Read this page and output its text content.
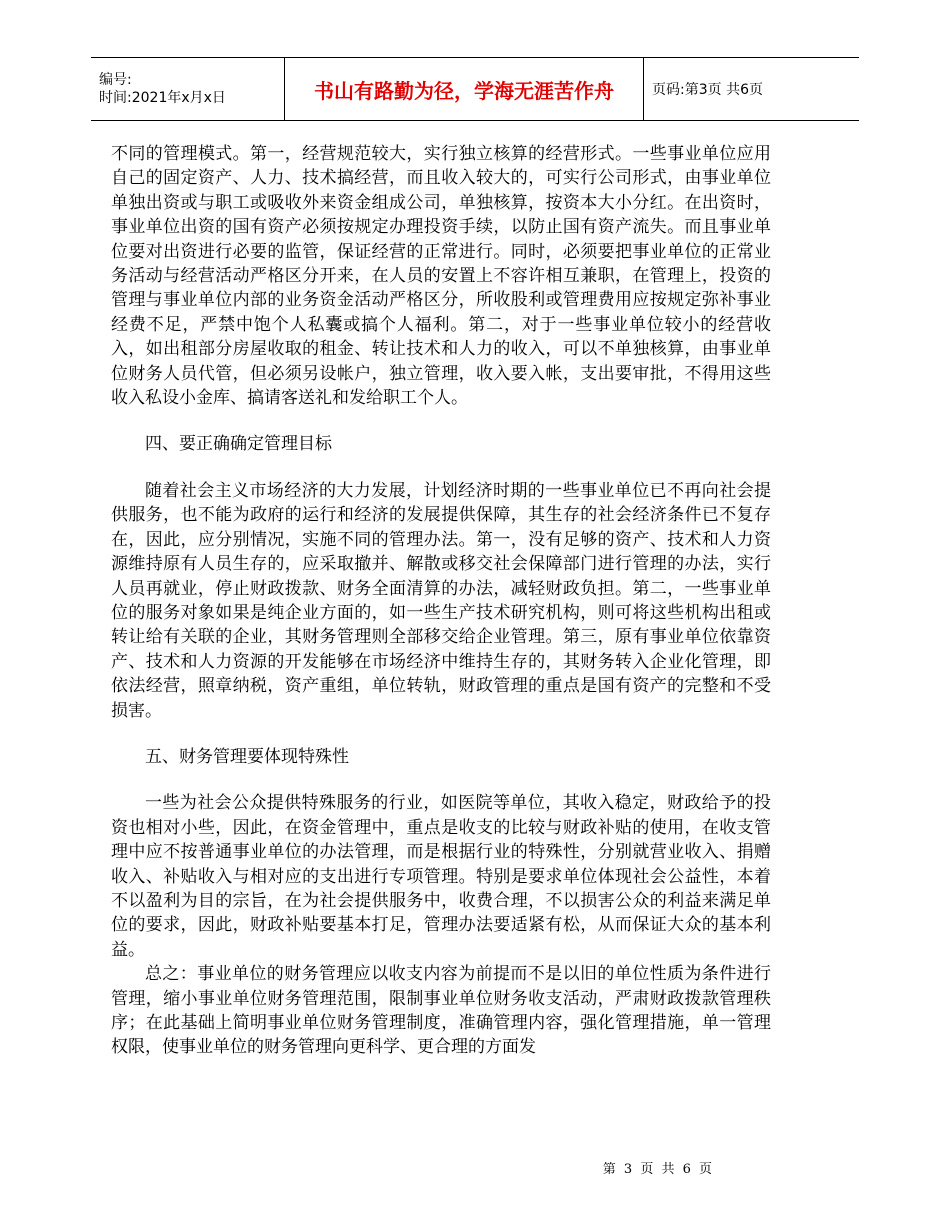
编号:
时间:2021年x月x日	书山有路勤为径，学海无涯苦作舟	页码:第3页 共6页

不同的管理模式。第一，经营规范较大，实行独立核算的经营形式。一些事业单位应用自己的固定资产、人力、技术搞经营，而且收入较大的，可实行公司形式，由事业单位单独出资或与职工或吸收外来资金组成公司，单独核算，按资本大小分红。在出资时，事业单位出资的国有资产必须按规定办理投资手续，以防止国有资产流失。而且事业单位要对出资进行必要的监管，保证经营的正常进行。同时，必须要把事业单位的正常业务活动与经营活动严格区分开来，在人员的安置上不容许相互兼职，在管理上，投资的管理与事业单位内部的业务资金活动严格区分，所收股利或管理费用应按规定弥补事业经费不足，严禁中饱个人私囊或搞个人福利。第二，对于一些事业单位较小的经营收入，如出租部分房屋收取的租金、转让技术和人力的收入，可以不单独核算，由事业单位财务人员代管，但必须另设帐户，独立管理，收入要入帐，支出要审批，不得用这些收入私设小金库、搞请客送礼和发给职工个人。

四、要正确确定管理目标

随着社会主义市场经济的大力发展，计划经济时期的一些事业单位已不再向社会提供服务，也不能为政府的运行和经济的发展提供保障，其生存的社会经济条件已不复存在，因此，应分别情况，实施不同的管理办法。第一，没有足够的资产、技术和人力资源维持原有人员生存的，应采取撤并、解散或移交社会保障部门进行管理的办法，实行人员再就业，停止财政拨款、财务全面清算的办法，减轻财政负担。第二，一些事业单位的服务对象如果是纯企业方面的，如一些生产技术研究机构，则可将这些机构出租或转让给有关联的企业，其财务管理则全部移交给企业管理。第三，原有事业单位依靠资产、技术和人力资源的开发能够在市场经济中维持生存的，其财务转入企业化管理，即依法经营，照章纳税，资产重组，单位转轨，财政管理的重点是国有资产的完整和不受损害。

五、财务管理要体现特殊性

一些为社会公众提供特殊服务的行业，如医院等单位，其收入稳定，财政给予的投资也相对小些，因此，在资金管理中，重点是收支的比较与财政补贴的使用，在收支管理中应不按普通事业单位的办法管理，而是根据行业的特殊性，分别就营业收入、捐赠收入、补贴收入与相对应的支出进行专项管理。特别是要求单位体现社会公益性，本着不以盈利为目的宗旨，在为社会提供服务中，收费合理，不以损害公众的利益来满足单位的要求，因此，财政补贴要基本打足，管理办法要适紧有松，从而保证大众的基本利益。

总之：事业单位的财务管理应以收支内容为前提而不是以旧的单位性质为条件进行管理，缩小事业单位财务管理范围，限制事业单位财务收支活动，严肃财政拨款管理秩序；在此基础上简明事业单位财务管理制度，准确管理内容，强化管理措施，单一管理权限，使事业单位的财务管理向更科学、更合理的方面发

第 3 页 共 6 页
